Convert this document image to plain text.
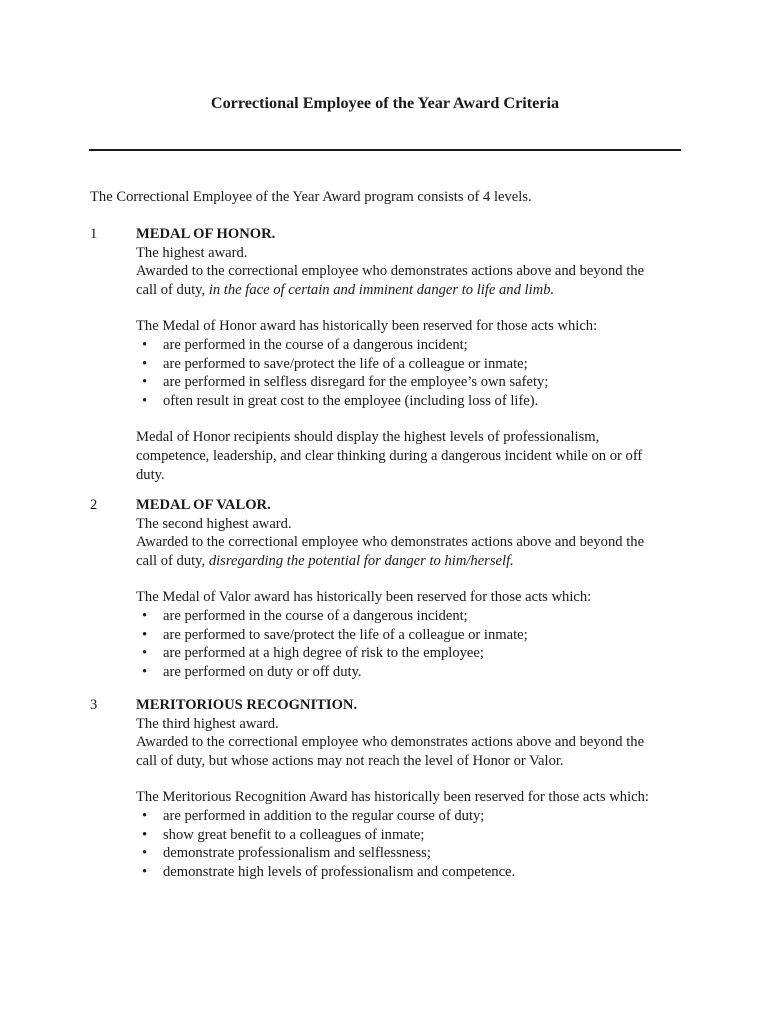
Correctional Employee of the Year Award Criteria
The Correctional Employee of the Year Award program consists of 4 levels.
1	MEDAL OF HONOR.
The highest award.
Awarded to the correctional employee who demonstrates actions above and beyond the
call of duty, in the face of certain and imminent danger to life and limb.
The Medal of Honor award has historically been reserved for those acts which:
• are performed in the course of a dangerous incident;
• are performed to save/protect the life of a colleague or inmate;
• are performed in selfless disregard for the employee’s own safety;
• often result in great cost to the employee (including loss of life).
Medal of Honor recipients should display the highest levels of professionalism,
competence, leadership, and clear thinking during a dangerous incident while on or off
duty.
2	MEDAL OF VALOR.
The second highest award.
Awarded to the correctional employee who demonstrates actions above and beyond the
call of duty, disregarding the potential for danger to him/herself.
The Medal of Valor award has historically been reserved for those acts which:
• are performed in the course of a dangerous incident;
• are performed to save/protect the life of a colleague or inmate;
• are performed at a high degree of risk to the employee;
• are performed on duty or off duty.
3	MERITORIOUS RECOGNITION.
The third highest award.
Awarded to the correctional employee who demonstrates actions above and beyond the
call of duty, but whose actions may not reach the level of Honor or Valor.
The Meritorious Recognition Award has historically been reserved for those acts which:
• are performed in addition to the regular course of duty;
• show great benefit to a colleagues of inmate;
• demonstrate professionalism and selflessness;
• demonstrate high levels of professionalism and competence.
